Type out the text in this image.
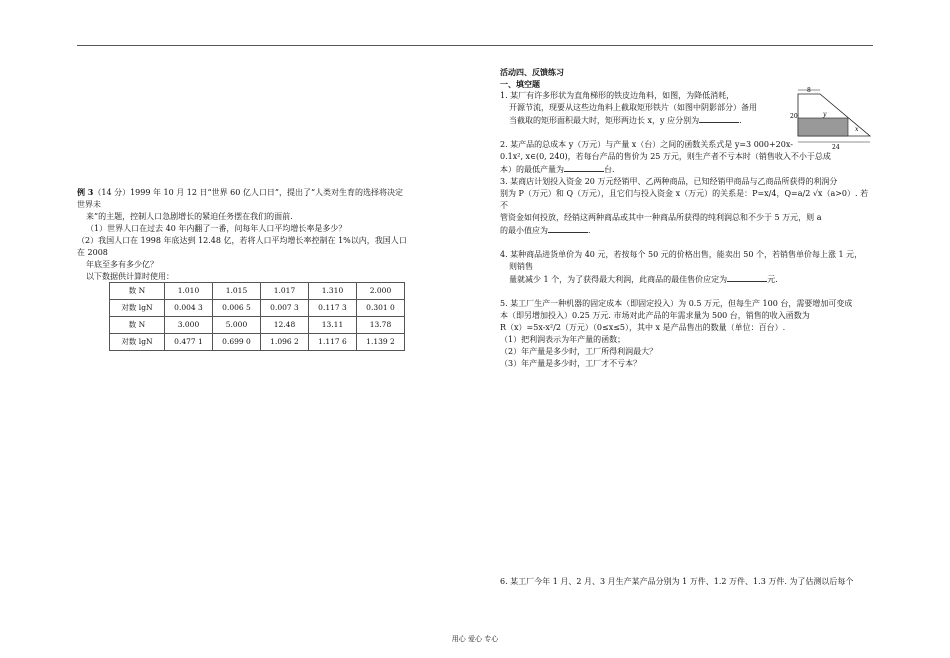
例 3（14 分）1999 年 10 月 12 日“世界 60 亿人口日”，提出了“人类对生育的选择将决定世界未

来”的主题，控制人口急剧增长的紧迫任务摆在我们的面前.

（1）世界人口在过去 40 年内翻了一番，问每年人口平均增长率是多少？

（2）我国人口在 1998 年底达到 12.48 亿，若将人口平均增长率控制在 1%以内，我国人口在 2008

年底至多有多少亿？

以下数据供计算时使用：

数 N	1.010	1.015	1.017	1.310	2.000
对数 lgN	0.004 3	0.006 5	0.007 3	0.117 3	0.301 0
数 N	3.000	5.000	12.48	13.11	13.78
对数 lgN	0.477 1	0.699 0	1.096 2	1.117 6	1.139 2

活动四、反馈练习

一、填空题

1. 某厂有许多形状为直角梯形的铁皮边角料，如图，为降低消耗，

开源节流，现要从这些边角料上截取矩形铁片（如图中阴影部分）备用

当截取的矩形面积最大时，矩形两边长 x，y 应分别为	.

2. 某产品的总成本 y（万元）与产量 x（台）之间的函数关系式是 y=3 000+20x-

0.1x², x∈(0, 240)，若每台产品的售价为 25 万元，则生产者不亏本时（销售收入不小于总成

本）的最低产量为	台.

3. 某商店计划投入资金 20 万元经销甲、乙两种商品，已知经销甲商品与乙商品所获得的利润分

别为 P（万元）和 Q（万元），且它们与投入资金 x（万元）的关系是：P=x/4，Q=a/2 √x（a>0）. 若不

管资金如何投放，经销这两种商品或其中一种商品所获得的纯利润总和不少于 5 万元，则 a

的最小值应为	.

4. 某种商品进货单价为 40 元，若按每个 50 元的价格出售，能卖出 50 个，若销售单价每上涨 1 元，

则销售

量就减少 1 个，为了获得最大利润，此商品的最佳售价应定为	元.

5. 某工厂生产一种机器的固定成本（即固定投入）为 0.5 万元，但每生产 100 台，需要增加可变成

本（即另增加投入）0.25 万元. 市场对此产品的年需求量为 500 台，销售的收入函数为

R（x）=5x-x²/2（万元）（0≤x≤5），其中 x 是产品售出的数量（单位：百台）.

（1）把利润表示为年产量的函数；

（2）年产量是多少时，工厂所得利润最大？

（3）年产量是多少时，工厂才不亏本？

6. 某工厂今年 1 月、2 月、3 月生产某产品分别为 1 万件、1.2 万件、1.3 万件. 为了估测以后每个

8
20
24
y
x
用心 爱心 专心
